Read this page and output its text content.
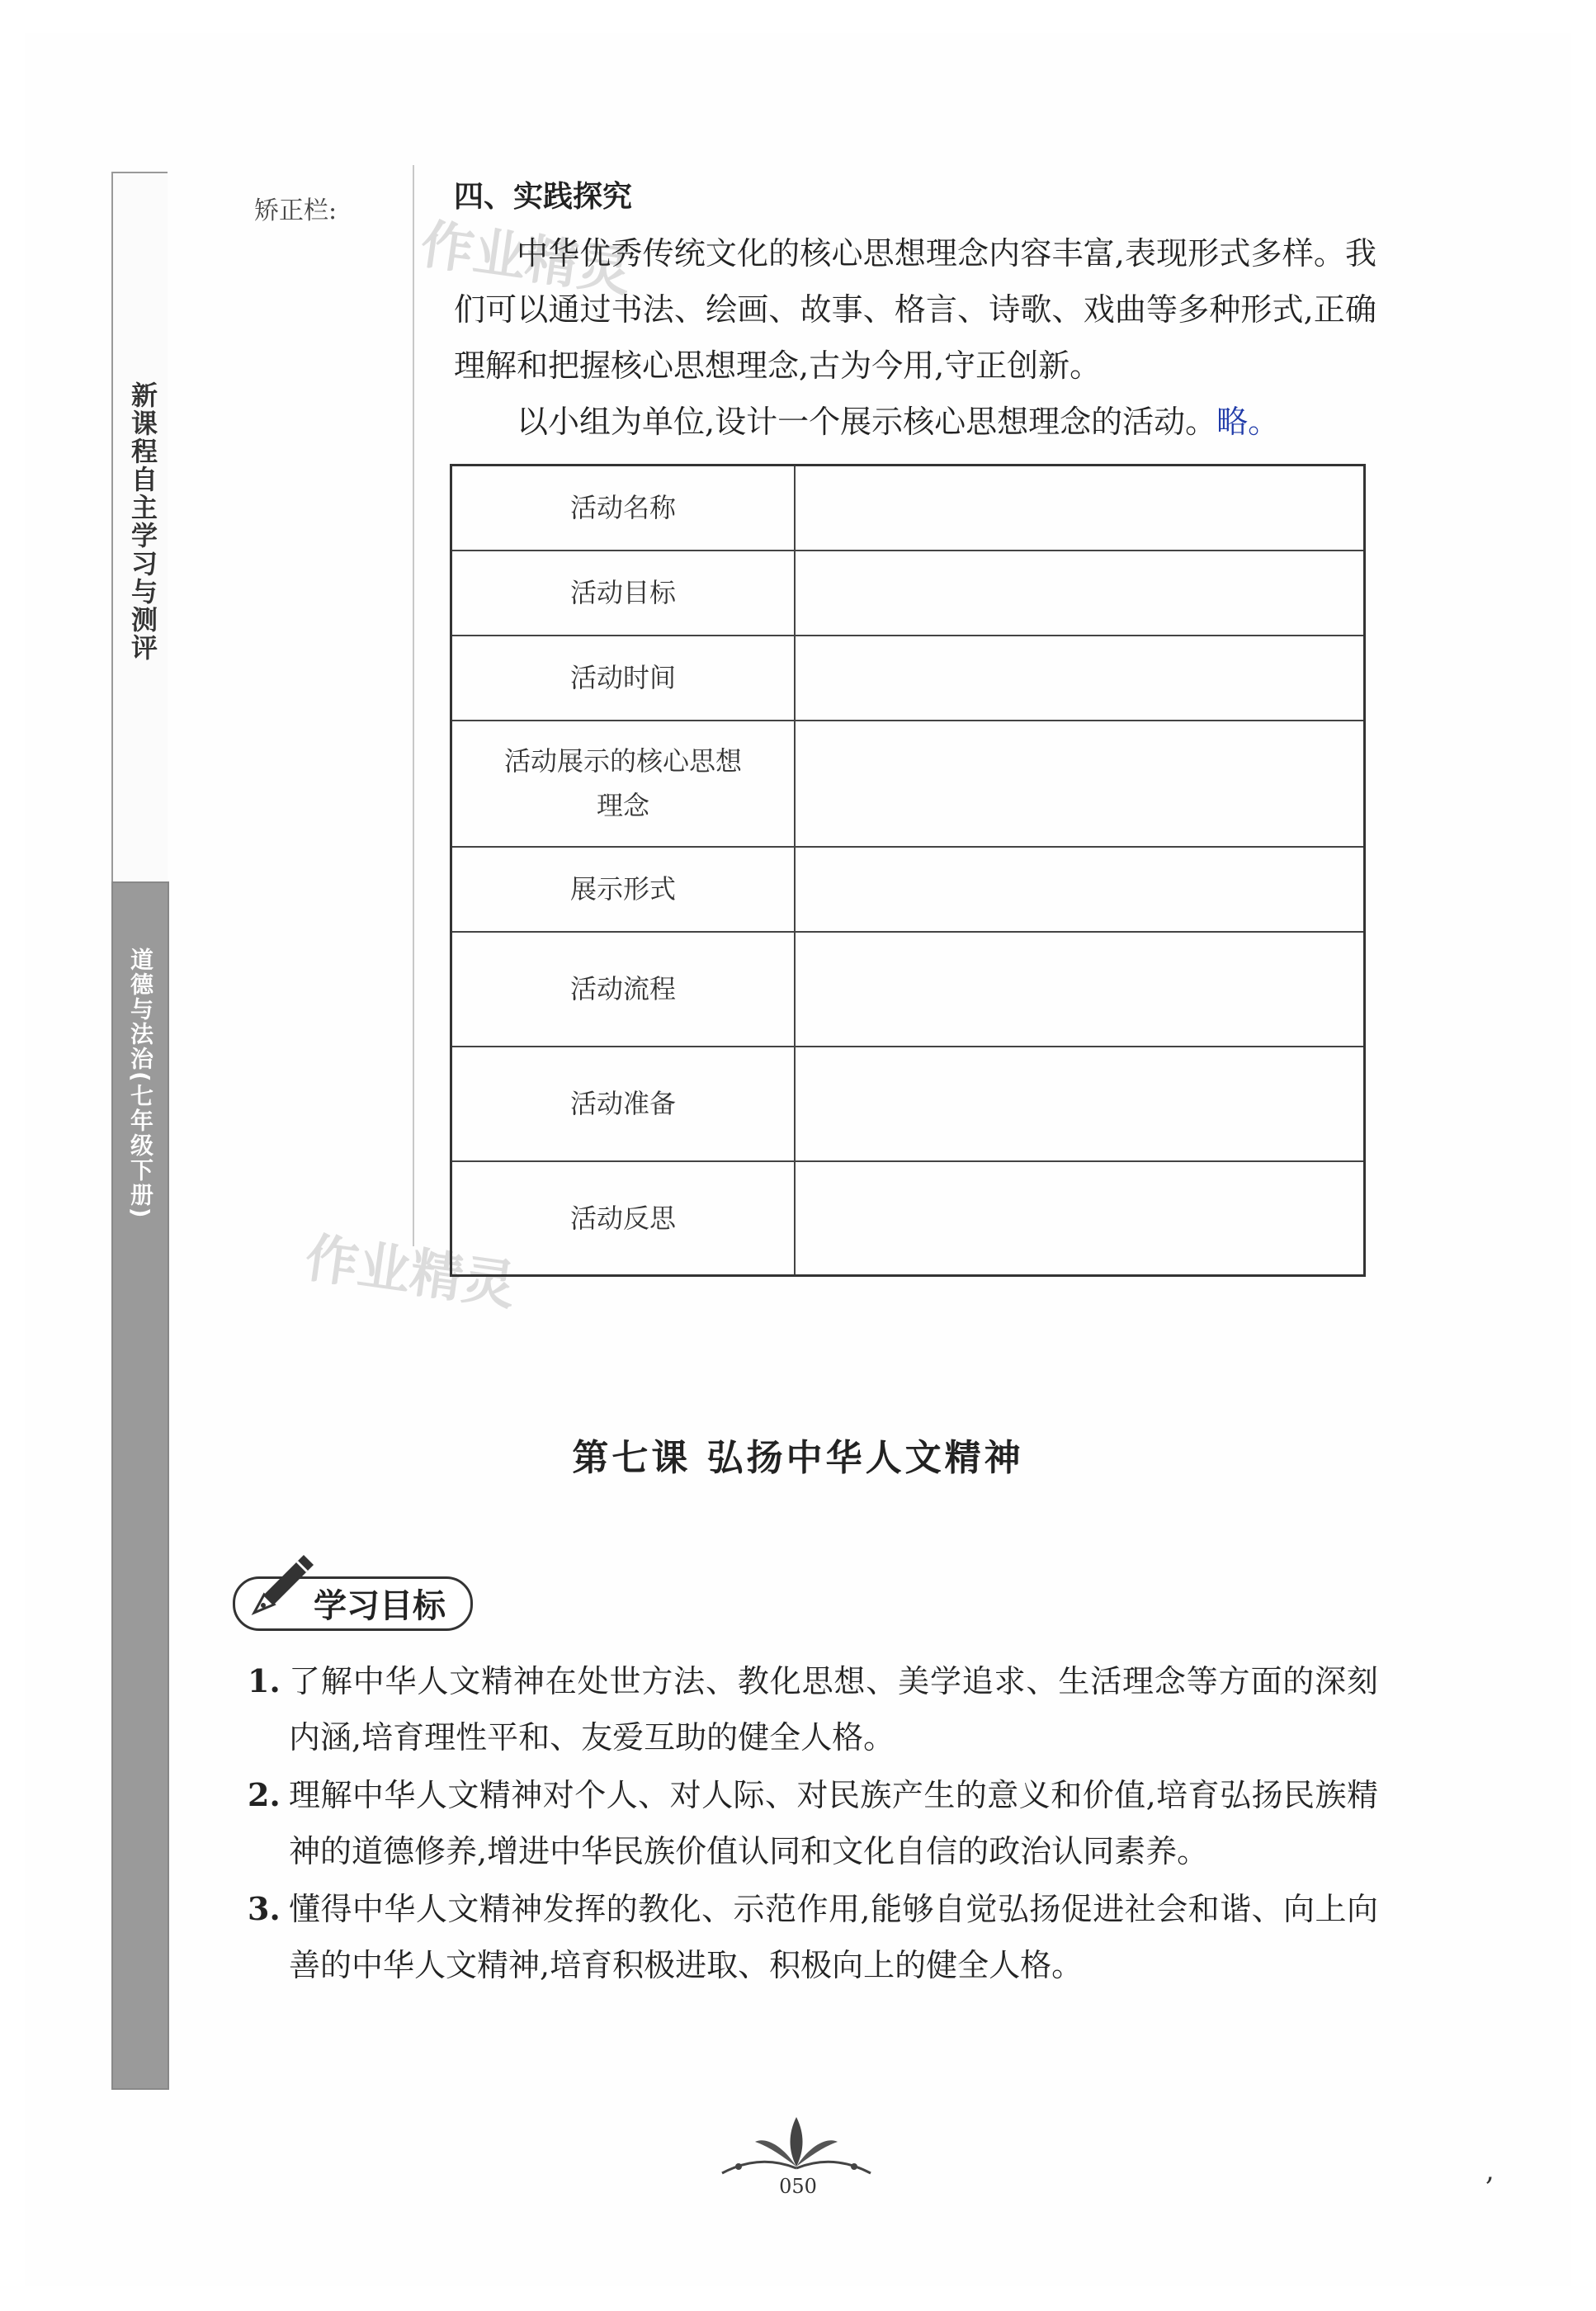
新课程自主学习与测评
道德与法治(七年级下册)
矫正栏:
作业精灵
作业精灵
四、实践探究
中华优秀传统文化的核心思想理念内容丰富,表现形式多样。我们可以通过书法、绘画、故事、格言、诗歌、戏曲等多种形式,正确理解和把握核心思想理念,古为今用,守正创新。
以小组为单位,设计一个展示核心思想理念的活动。略。
活动名称	
活动目标	
活动时间	
活动展示的核心思想理念	
展示形式	
活动流程	
活动准备	
活动反思	
第七课 弘扬中华人文精神
学习目标
1. 了解中华人文精神在处世方法、教化思想、美学追求、生活理念等方面的深刻内涵,培育理性平和、友爱互助的健全人格。
2. 理解中华人文精神对个人、对人际、对民族产生的意义和价值,培育弘扬民族精神的道德修养,增进中华民族价值认同和文化自信的政治认同素养。
3. 懂得中华人文精神发挥的教化、示范作用,能够自觉弘扬促进社会和谐、向上向善的中华人文精神,培育积极进取、积极向上的健全人格。
050	,
